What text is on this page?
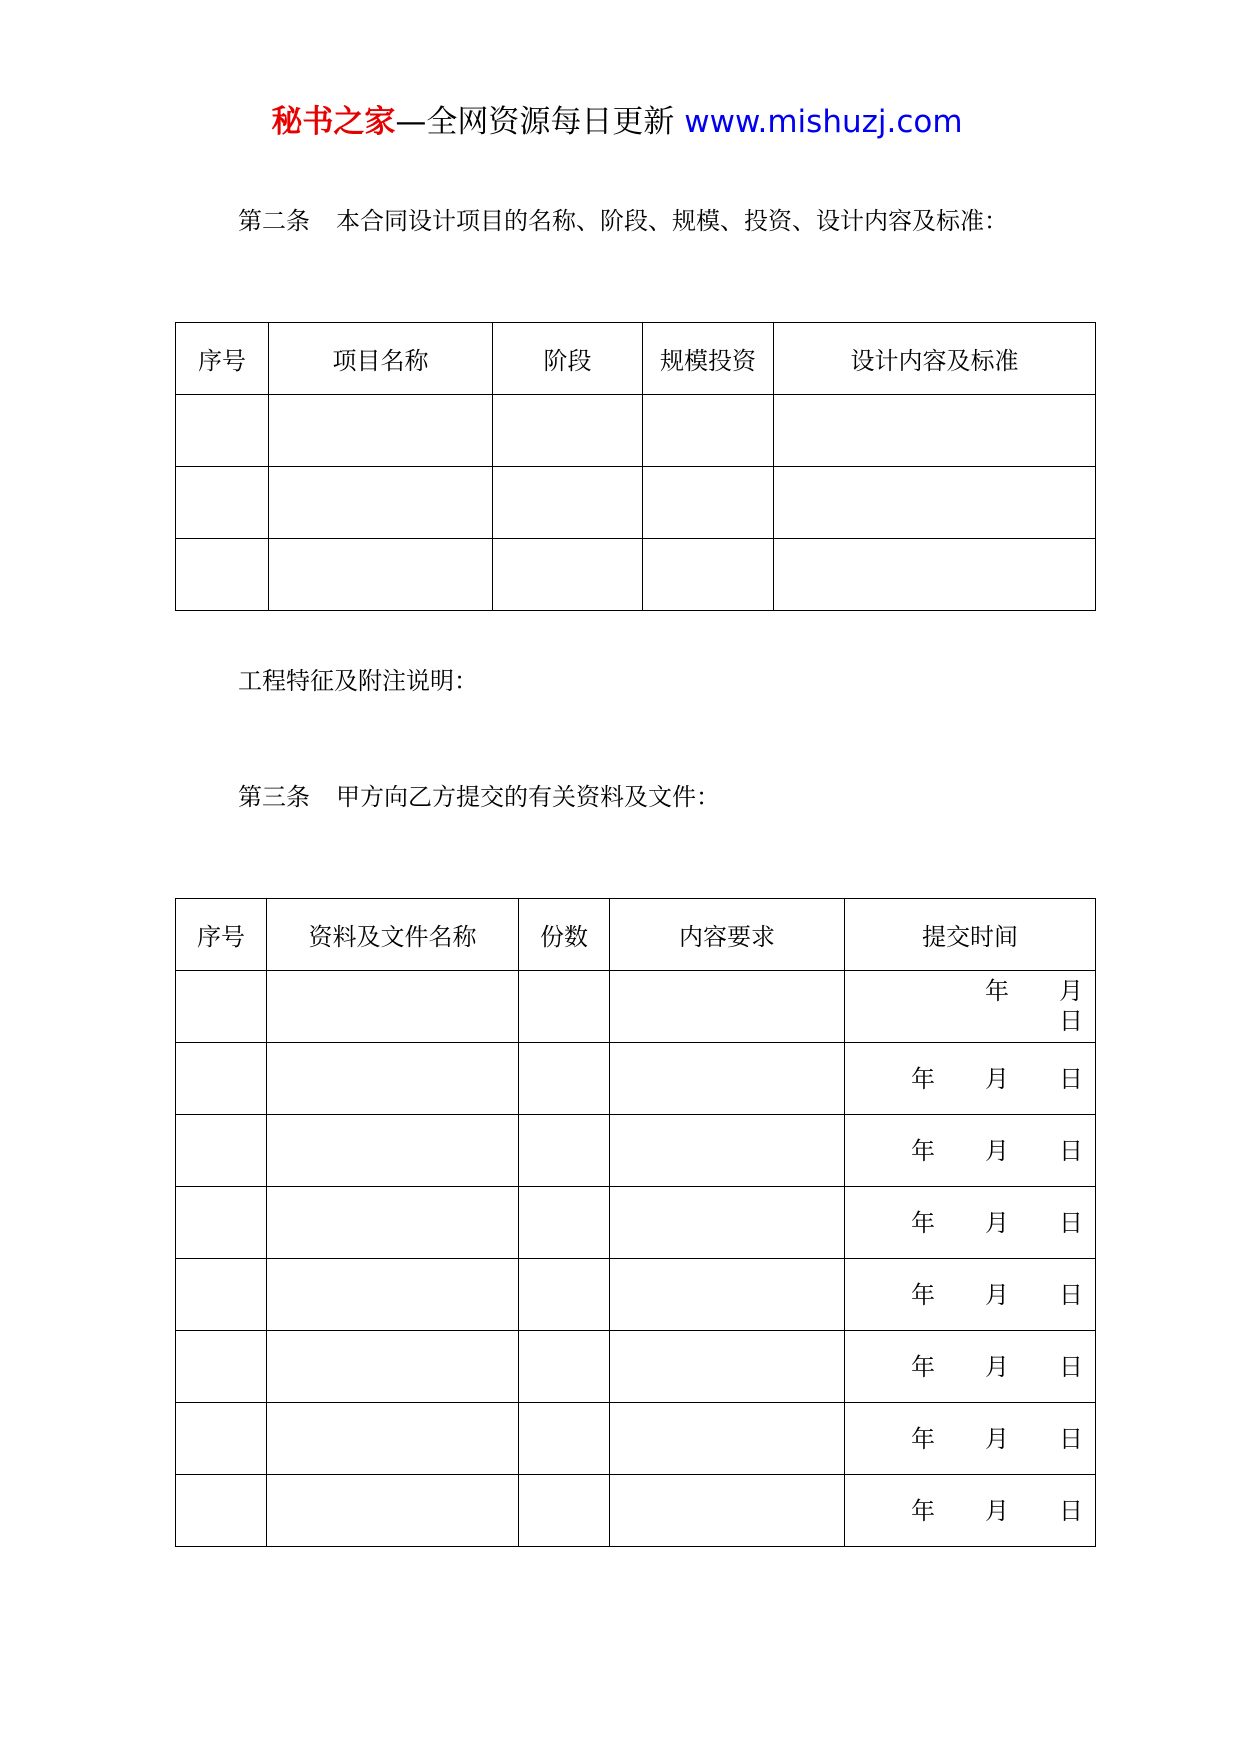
秘书之家—全网资源每日更新 www.mishuzj.com
第二条 本合同设计项目的名称、阶段、规模、投资、设计内容及标准：
序号	项目名称	阶段	规模投资	设计内容及标准

工程特征及附注说明：
第三条 甲方向乙方提交的有关资料及文件：
序号	资料及文件名称	份数	内容要求	提交时间

				年 月
日

				年 月 日

				年 月 日

				年 月 日

				年 月 日

				年 月 日

				年 月 日

				年 月 日
